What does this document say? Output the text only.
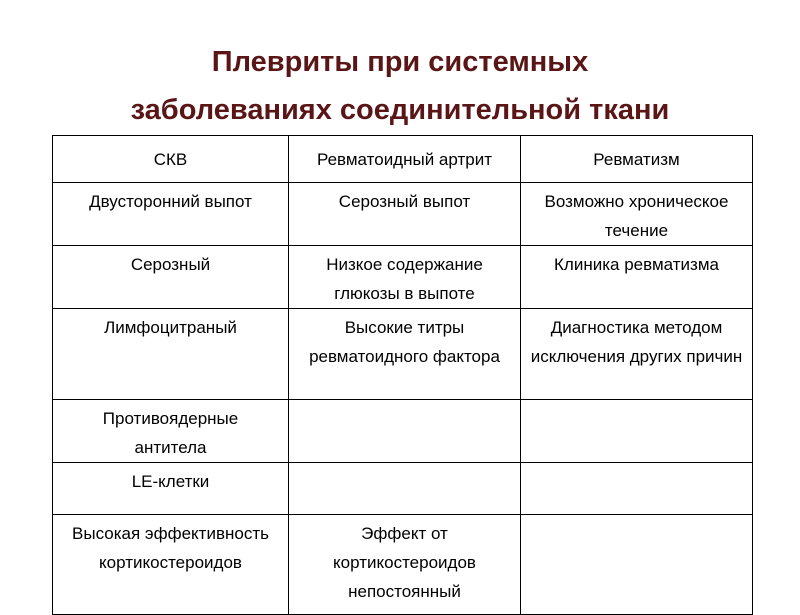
Плевриты при системных
заболеваниях соединительной ткани
СКВ	Ревматоидный артрит	Ревматизм
Двусторонний выпот	Серозный выпот	Возможно хроническое течение
Серозный	Низкое содержание глюкозы в выпоте	Клиника ревматизма
Лимфоцитраный	Высокие титры ревматоидного фактора	Диагностика методом исключения других причин
Противоядерные антитела		
LE-клетки		
Высокая эффективность кортикостероидов	Эффект от кортикостероидов непостоянный	
